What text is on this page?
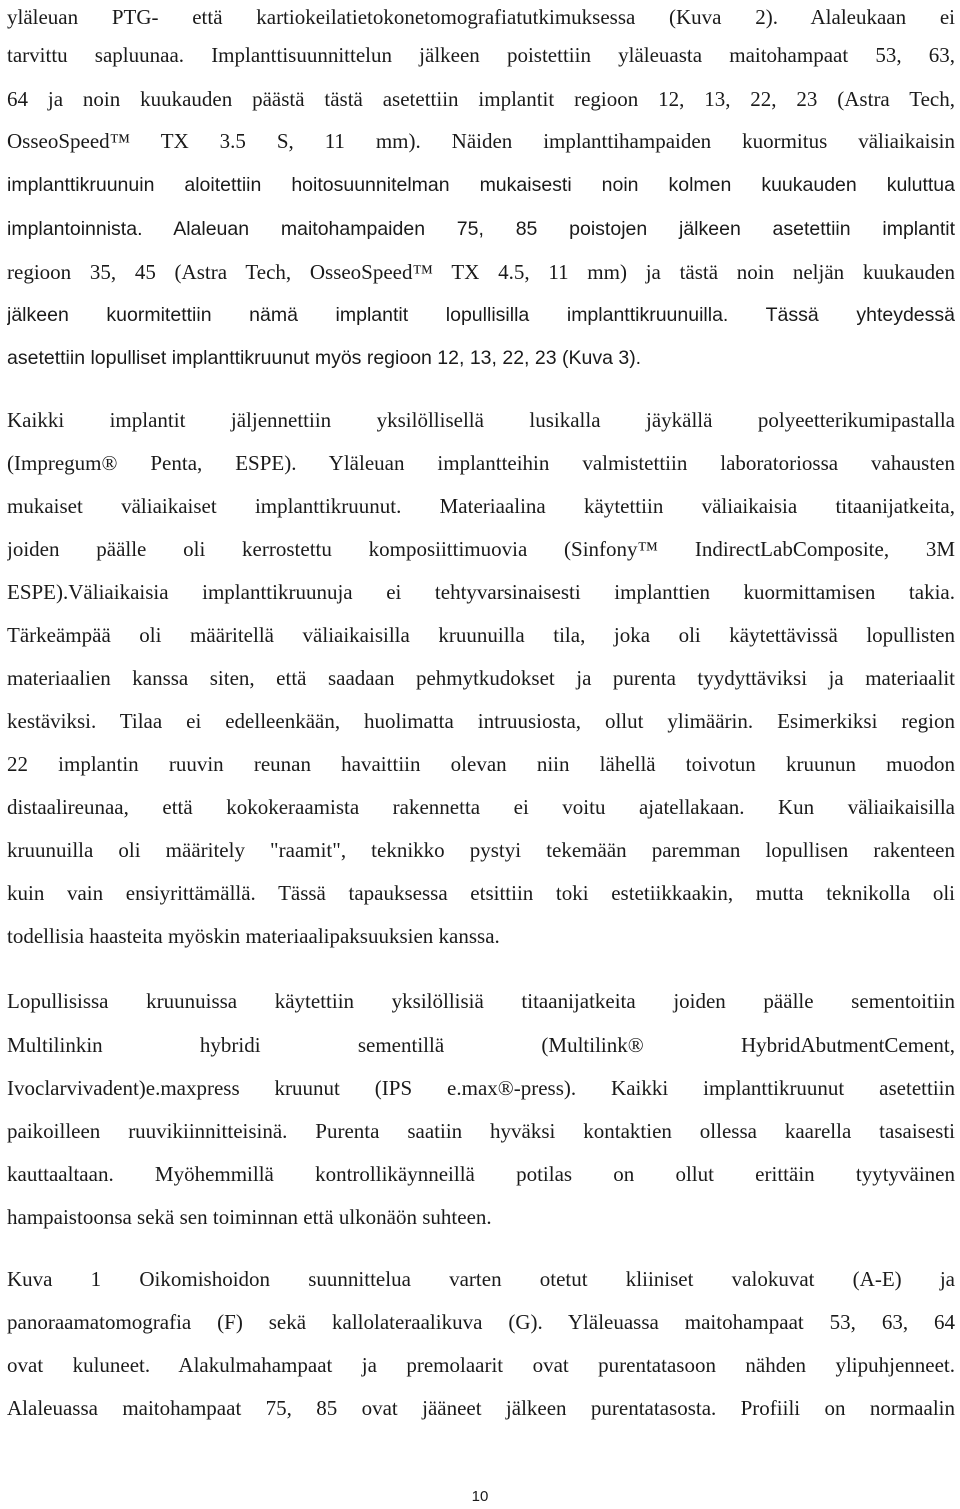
yläleuan PTG- että kartiokeilatietokonetomografiatutkimuksessa (Kuva 2). Alaleukaan ei
tarvittu sapluunaa. Implanttisuunnittelun jälkeen poistettiin yläleuasta maitohampaat 53, 63,
64 ja noin kuukauden päästä tästä asetettiin implantit regioon 12, 13, 22, 23 (Astra Tech,
OsseoSpeed™ TX 3.5 S, 11 mm). Näiden implanttihampaiden kuormitus väliaikaisin
implanttikruunuin aloitettiin hoitosuunnitelman mukaisesti noin kolmen kuukauden kuluttua
implantoinnista. Alaleuan maitohampaiden 75, 85 poistojen jälkeen asetettiin implantit
regioon 35, 45 (Astra Tech, OsseoSpeed™ TX 4.5, 11 mm) ja tästä noin neljän kuukauden
jälkeen kuormitettiin nämä implantit lopullisilla implanttikruunuilla. Tässä yhteydessä
asetettiin lopulliset implanttikruunut myös regioon 12, 13, 22, 23 (Kuva 3).
Kaikki implantit jäljennettiin yksilöllisellä lusikalla jäykällä polyeetterikumipastalla
(Impregum® Penta, ESPE). Yläleuan implantteihin valmistettiin laboratoriossa vahausten
mukaiset väliaikaiset implanttikruunut. Materiaalina käytettiin väliaikaisia titaanijatkeita,
joiden päälle oli kerrostettu komposiittimuovia (Sinfony™ IndirectLabComposite, 3M
ESPE).Väliaikaisia implanttikruunuja ei tehtyvarsinaisesti implanttien kuormittamisen takia.
Tärkeämpää oli määritellä väliaikaisilla kruunuilla tila, joka oli käytettävissä lopullisten
materiaalien kanssa siten, että saadaan pehmytkudokset ja purenta tyydyttäviksi ja materiaalit
kestäviksi. Tilaa ei edelleenkään, huolimatta intruusiosta, ollut ylimäärin. Esimerkiksi region
22 implantin ruuvin reunan havaittiin olevan niin lähellä toivotun kruunun muodon
distaalireunaa, että kokokeraamista rakennetta ei voitu ajatellakaan. Kun väliaikaisilla
kruunuilla oli määritely "raamit", teknikko pystyi tekemään paremman lopullisen rakenteen
kuin vain ensiyrittämällä. Tässä tapauksessa etsittiin toki estetiikkaakin, mutta teknikolla oli
todellisia haasteita myöskin materiaalipaksuuksien kanssa.
Lopullisissa kruunuissa käytettiin yksilöllisiä titaanijatkeita joiden päälle sementoitiin
Multilinkin hybridi sementillä (Multilink® HybridAbutmentCement,
Ivoclarvivadent)e.maxpress kruunut (IPS e.max®-press). Kaikki implanttikruunut asetettiin
paikoilleen ruuvikiinnitteisinä. Purenta saatiin hyväksi kontaktien ollessa kaarella tasaisesti
kauttaaltaan. Myöhemmillä kontrollikäynneillä potilas on ollut erittäin tyytyväinen
hampaistoonsa sekä sen toiminnan että ulkonäön suhteen.
Kuva 1 Oikomishoidon suunnittelua varten otetut kliiniset valokuvat (A-E) ja
panoraamatomografia (F) sekä kallolateraalikuva (G). Yläleuassa maitohampaat 53, 63, 64
ovat kuluneet. Alakulmahampaat ja premolaarit ovat purentatasoon nähden ylipuhjenneet.
Alaleuassa maitohampaat 75, 85 ovat jääneet jälkeen purentatasosta. Profiili on normaalin
10
